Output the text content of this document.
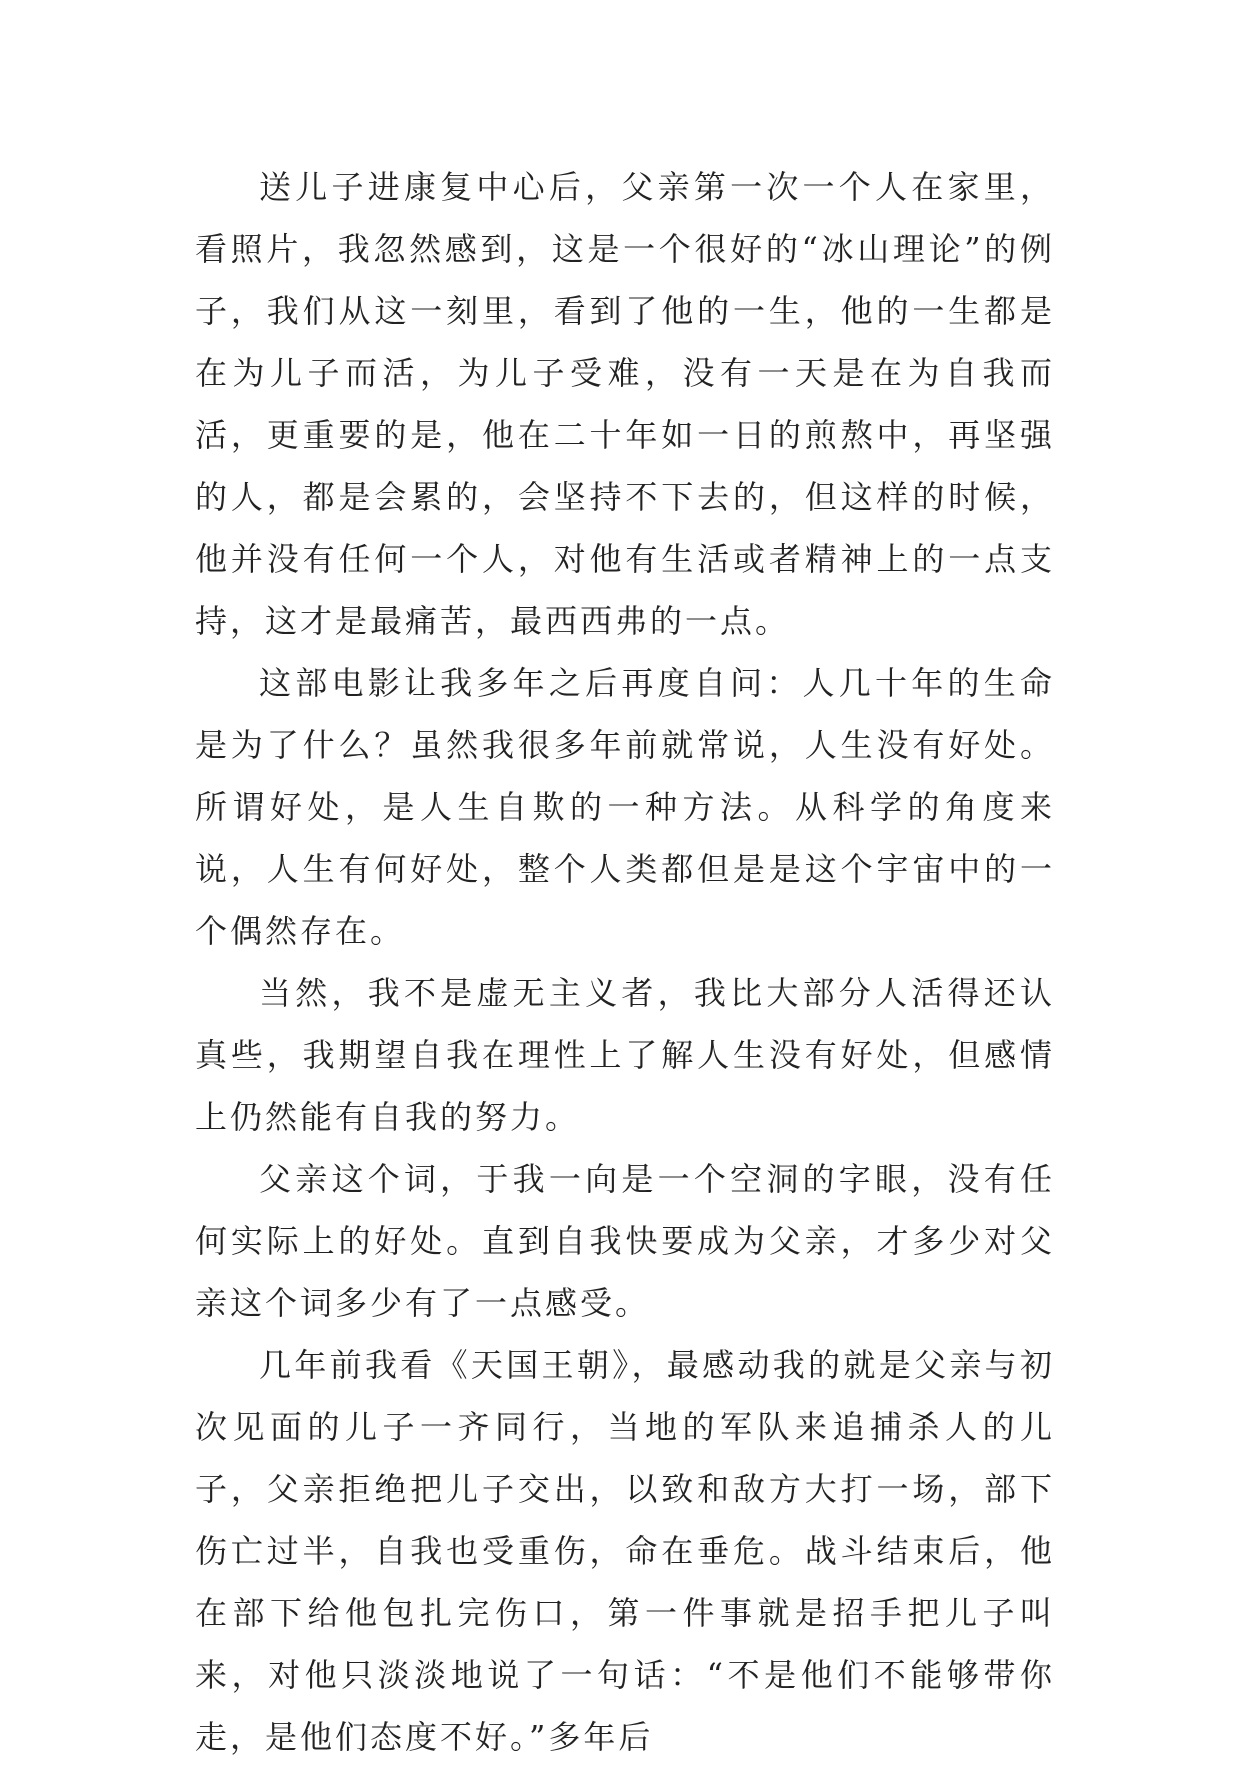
送儿子进康复中心后，父亲第一次一个人在家里，看照片，我忽然感到，这是一个很好的“冰山理论”的例子，我们从这一刻里，看到了他的一生，他的一生都是在为儿子而活，为儿子受难，没有一天是在为自我而活，更重要的是，他在二十年如一日的煎熬中，再坚强的人，都是会累的，会坚持不下去的，但这样的时候，他并没有任何一个人，对他有生活或者精神上的一点支持，这才是最痛苦，最西西弗的一点。

这部电影让我多年之后再度自问：人几十年的生命是为了什么？虽然我很多年前就常说，人生没有好处。所谓好处，是人生自欺的一种方法。从科学的角度来说，人生有何好处，整个人类都但是是这个宇宙中的一个偶然存在。

当然，我不是虚无主义者，我比大部分人活得还认真些，我期望自我在理性上了解人生没有好处，但感情上仍然能有自我的努力。

父亲这个词，于我一向是一个空洞的字眼，没有任何实际上的好处。直到自我快要成为父亲，才多少对父亲这个词多少有了一点感受。

几年前我看《天国王朝》，最感动我的就是父亲与初次见面的儿子一齐同行，当地的军队来追捕杀人的儿子，父亲拒绝把儿子交出，以致和敌方大打一场，部下伤亡过半，自我也受重伤，命在垂危。战斗结束后，他在部下给他包扎完伤口，第一件事就是招手把儿子叫来，对他只淡淡地说了一句话：“不是他们不能够带你走，是他们态度不好。”多年后
